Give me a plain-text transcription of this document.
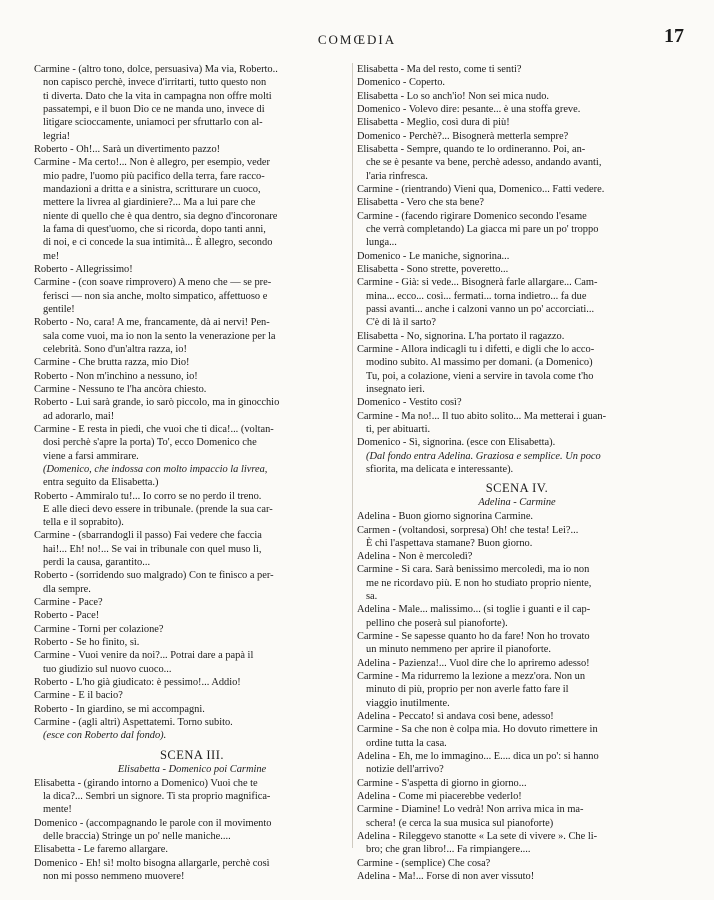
COMŒDIA	17
Carmine - (altro tono, dolce, persuasiva) Ma via, Roberto..
non capisco perchè, invece d'irritarti, tutto questo non
ti diverta. Dato che la vita in campagna non offre molti
passatempi, e il buon Dio ce ne manda uno, invece di
litigare scioccamente, uniamoci per sfruttarlo con al-
legria!
Roberto - Oh!... Sarà un divertimento pazzo!
Carmine - Ma certo!... Non è allegro, per esempio, veder
mio padre, l'uomo più pacifico della terra, fare racco-
mandazioni a dritta e a sinistra, scritturare un cuoco,
mettere la livrea al giardiniere?... Ma a lui pare che
niente di quello che è qua dentro, sia degno d'incoronare
la fama di quest'uomo, che si ricorda, dopo tanti anni,
di noi, e ci concede la sua intimità... È allegro, secondo
me!
Roberto - Allegrissimo!
Carmine - (con soave rimprovero) A meno che — se pre-
ferisci — non sia anche, molto simpatico, affettuoso e
gentile!
Roberto - No, cara! A me, francamente, dà ai nervi! Pen-
sala come vuoi, ma io non la sento la venerazione per la
celebrità. Sono d'un'altra razza, io!
Carmine - Che brutta razza, mio Dio!
Roberto - Non m'inchino a nessuno, io!
Carmine - Nessuno te l'ha ancòra chiesto.
Roberto - Lui sarà grande, io sarò piccolo, ma in ginocchio
ad adorarlo, mai!
Carmine - E resta in piedi, che vuoi che ti dica!... (voltan-
dosi perchè s'apre la porta) To', ecco Domenico che
viene a farsi ammirare.
(Domenico, che indossa con molto impaccio la livrea,
entra seguito da Elisabetta.)
Roberto - Ammiralo tu!... Io corro se no perdo il treno.
E alle dieci devo essere in tribunale. (prende la sua car-
tella e il soprabito).
Carmine - (sbarrandogli il passo) Fai vedere che faccia
hai!... Eh! no!... Se vai in tribunale con quel muso lì,
perdi la causa, garantito...
Roberto - (sorridendo suo malgrado) Con te finisco a per-
dla sempre.
Carmine - Pace?
Roberto - Pace!
Carmine - Torni per colazione?
Roberto - Se ho finito, sì.
Carmine - Vuoi venire da noi?... Potrai dare a papà il
tuo giudizio sul nuovo cuoco...
Roberto - L'ho già giudicato: è pessimo!... Addio!
Carmine - E il bacio?
Roberto - In giardino, se mi accompagni.
Carmine - (agli altri) Aspettatemi. Torno subito.
(esce con Roberto dal fondo).
SCENA III.
Elisabetta - Domenico poi Carmine
Elisabetta - (girando intorno a Domenico) Vuoi che te
la dica?... Sembri un signore. Ti sta proprio magnifica-
mente!
Domenico - (accompagnando le parole con il movimento
delle braccia) Stringe un po' nelle maniche....
Elisabetta - Le faremo allargare.
Domenico - Eh! sì! molto bisogna allargarle, perchè così
non mi posso nemmeno muovere!
Elisabetta - Ma del resto, come ti senti?
Domenico - Coperto.
Elisabetta - Lo so anch'io! Non sei mica nudo.
Domenico - Volevo dire: pesante... è una stoffa greve.
Elisabetta - Meglio, così dura di più!
Domenico - Perchè?... Bisognerà metterla sempre?
Elisabetta - Sempre, quando te lo ordineranno. Poi, an-
che se è pesante va bene, perchè adesso, andando avanti,
l'aria rinfresca.
Carmine - (rientrando) Vieni qua, Domenico... Fatti vedere.
Elisabetta - Vero che sta bene?
Carmine - (facendo rigirare Domenico secondo l'esame
che verrà completando) La giacca mi pare un po' troppo
lunga...
Domenico - Le maniche, signorina...
Elisabetta - Sono strette, poveretto...
Carmine - Già: si vede... Bisognerà farle allargare... Cam-
mina... ecco... così... fermati... torna indietro... fa due
passi avanti... anche i calzoni vanno un po' accorciati...
C'è di là il sarto?
Elisabetta - No, signorina. L'ha portato il ragazzo.
Carmine - Allora indicagli tu i difetti, e digli che lo acco-
modino subito. Al massimo per domani. (a Domenico)
Tu, poi, a colazione, vieni a servire in tavola come t'ho
insegnato ieri.
Domenico - Vestito così?
Carmine - Ma no!... Il tuo abito solito... Ma metterai i guan-
ti, per abituarti.
Domenico - Sì, signorina. (esce con Elisabetta).
(Dal fondo entra Adelina. Graziosa e semplice. Un poco
sfiorita, ma delicata e interessante).
SCENA IV.
Adelina - Carmine
Adelina - Buon giorno signorina Carmine.
Carmen - (voltandosi, sorpresa) Oh! che testa! Lei?...
È chi l'aspettava stamane? Buon giorno.
Adelina - Non è mercoledì?
Carmine - Sì cara. Sarà benissimo mercoledì, ma io non
me ne ricordavo più. E non ho studiato proprio niente,
sa.
Adelina - Male... malissimo... (si toglie i guanti e il cap-
pellino che poserà sul pianoforte).
Carmine - Se sapesse quanto ho da fare! Non ho trovato
un minuto nemmeno per aprire il pianoforte.
Adelina - Pazienza!... Vuol dire che lo apriremo adesso!
Carmine - Ma ridurremo la lezione a mezz'ora. Non un
minuto di più, proprio per non averle fatto fare il
viaggio inutilmente.
Adelina - Peccato! sì andava così bene, adesso!
Carmine - Sa che non è colpa mia. Ho dovuto rimettere in
ordine tutta la casa.
Adelina - Eh, me lo immagino... E.... dica un po': si hanno
notizie dell'arrivo?
Carmine - S'aspetta di giorno in giorno...
Adelina - Come mi piacerebbe vederlo!
Carmine - Diamine! Lo vedrà! Non arriva mica in ma-
schera! (e cerca la sua musica sul pianoforte)
Adelina - Rileggevo stanotte « La sete di vivere ». Che li-
bro; che gran libro!... Fa rimpiangere....
Carmine - (semplice) Che cosa?
Adelina - Ma!... Forse di non aver vissuto!
